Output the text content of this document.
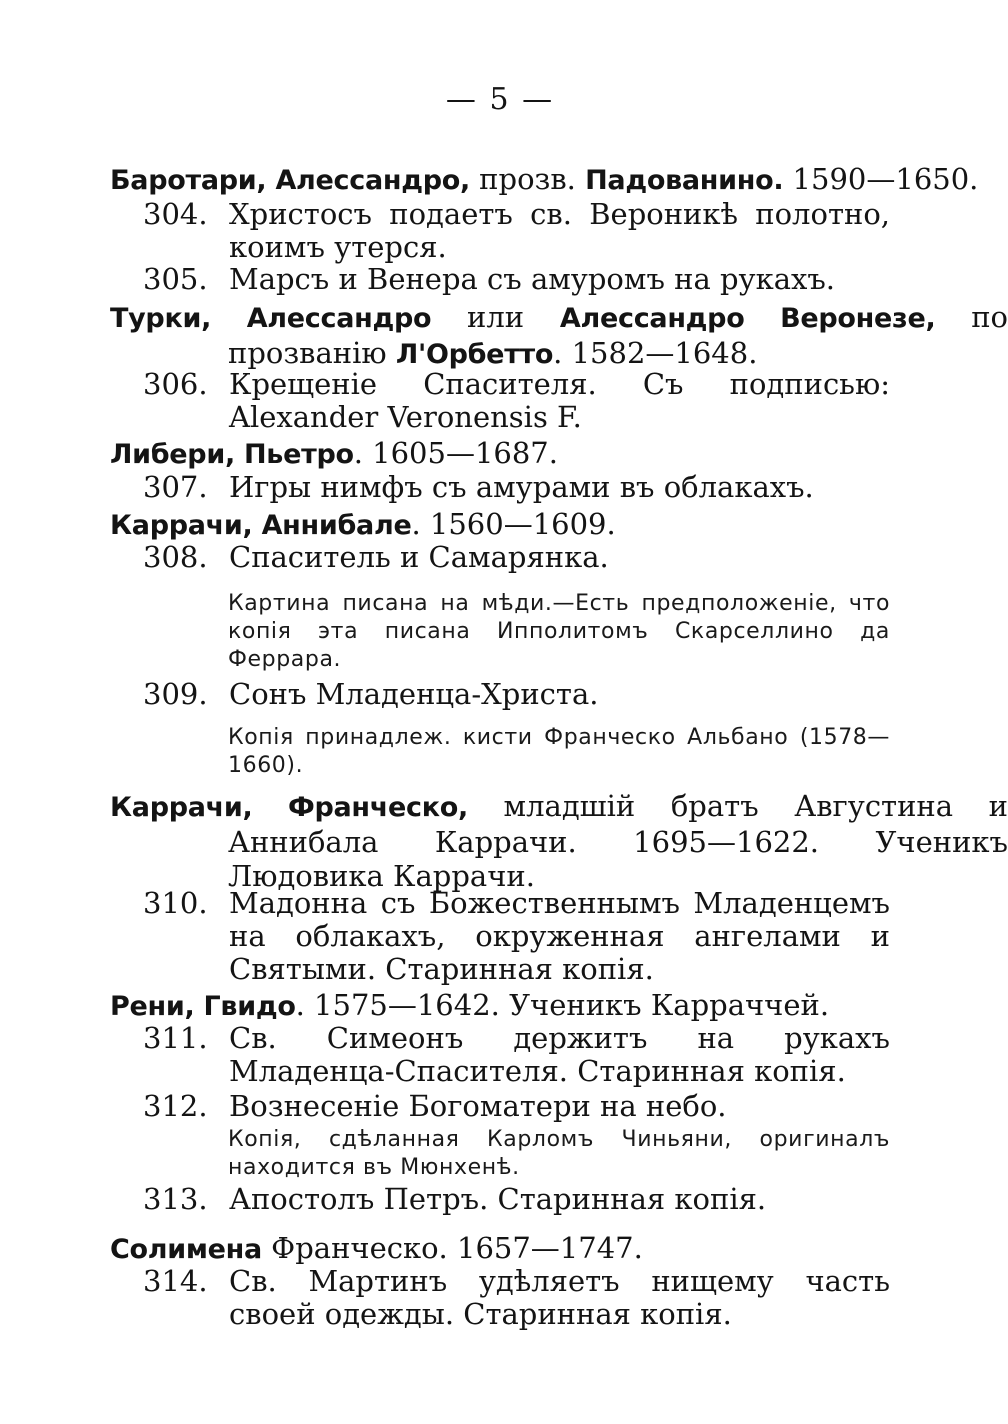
— 5 —
Баротари, Алессандро, прозв. Падованино. 1590—1650.
304. Христосъ подаетъ св. Вероникѣ полотно, коимъ утерся.
305. Марсъ и Венера съ амуромъ на рукахъ.
Турки, Алессандро или Алессандро Веронезе, по прозванію Л'Орбетто. 1582—1648.
306. Крещеніе Спасителя. Съ подписью: Alexander Veronensis F.
Либери, Пьетро. 1605—1687.
307. Игры нимфъ съ амурами въ облакахъ.
Каррачи, Аннибале. 1560—1609.
308. Спаситель и Самарянка.
Картина писана на мѣди.—Есть предположеніе, что копія эта писана Ипполитомъ Скарселлино да Феррара.
309. Сонъ Младенца-Христа.
Копія принадлеж. кисти Франческо Альбано (1578—1660).
Каррачи, Франческо, младшій братъ Августина и Аннибала Каррачи. 1695—1622. Ученикъ Людовика Каррачи.
310. Мадонна съ Божественнымъ Младенцемъ на облакахъ, окруженная ангелами и Святыми. Старинная копія.
Рени, Гвидо. 1575—1642. Ученикъ Карраччей.
311. Св. Симеонъ держитъ на рукахъ Младенца-Спасителя. Старинная копія.
312. Вознесеніе Богоматери на небо.
Копія, сдѣланная Карломъ Чиньяни, оригиналъ находится въ Мюнхенѣ.
313. Апостолъ Петръ. Старинная копія.
Солимена Франческо. 1657—1747.
314. Св. Мартинъ удѣляетъ нищему часть своей одежды. Старинная копія.
